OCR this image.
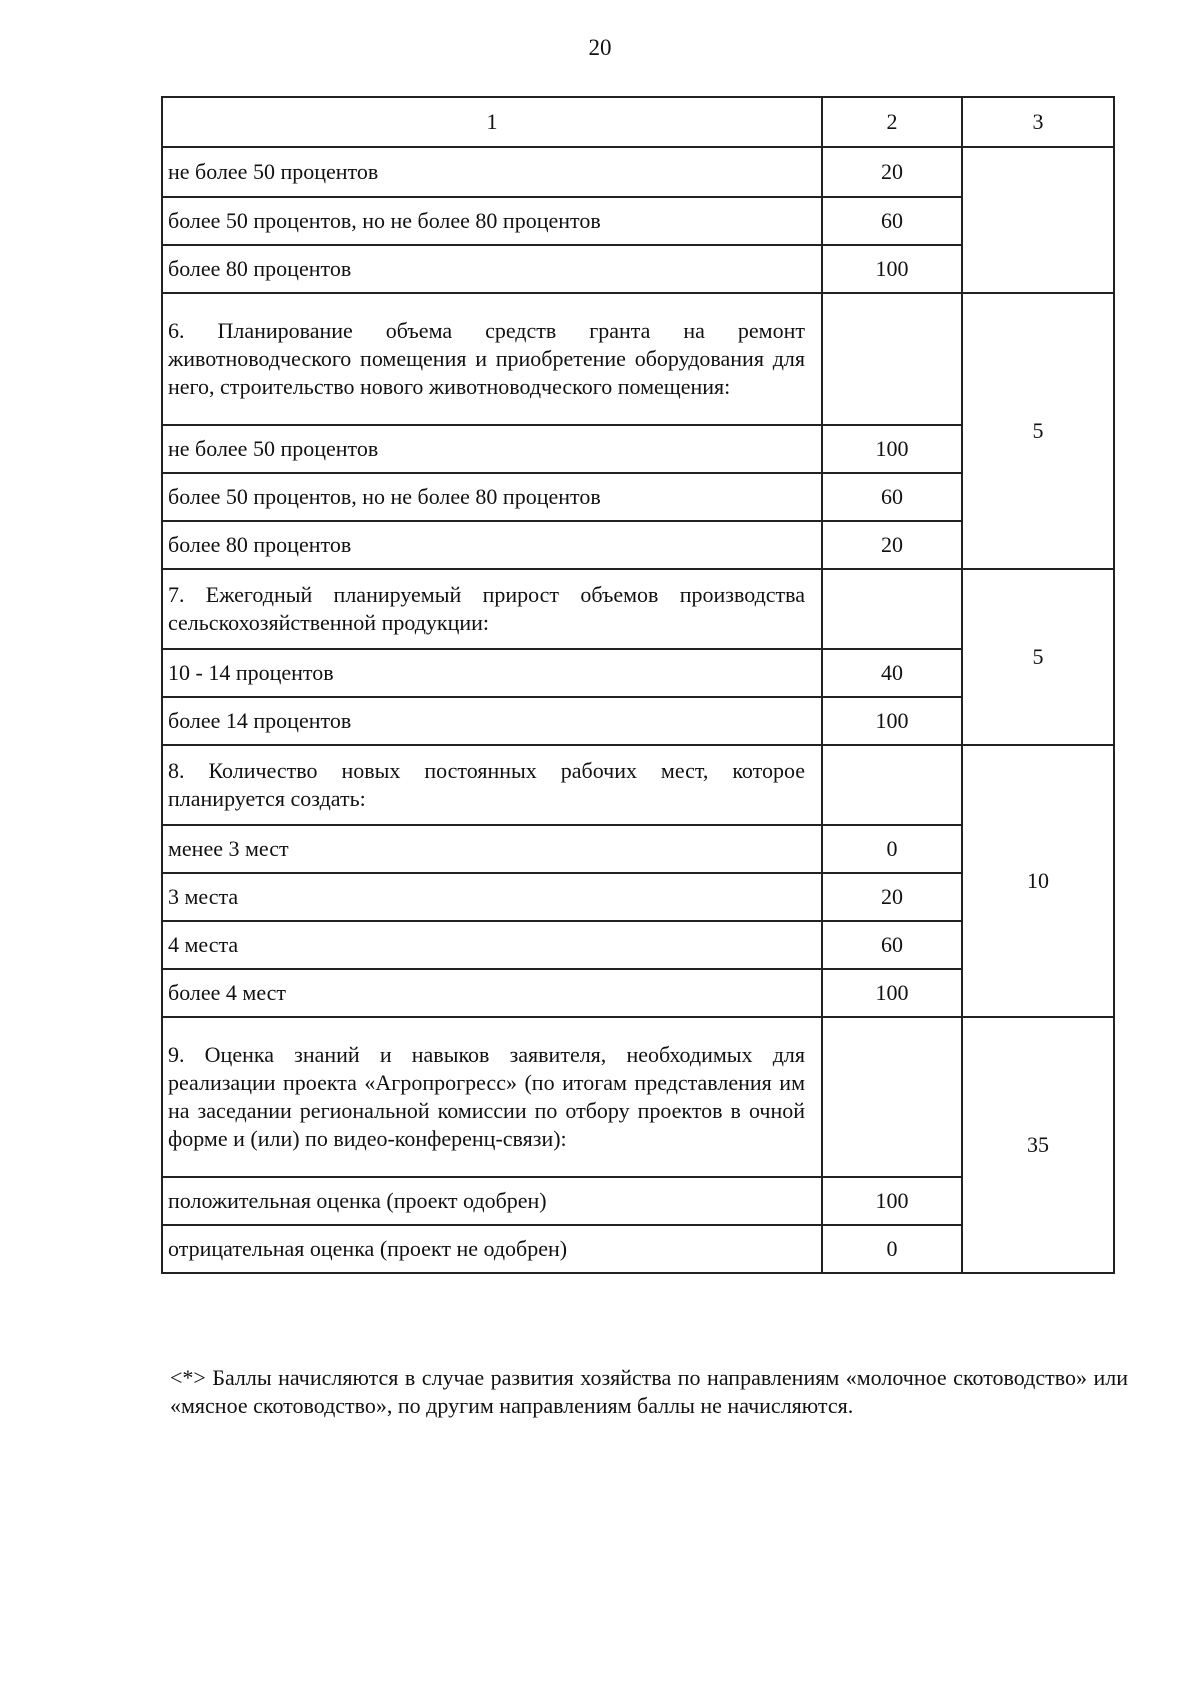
20
1	2	3
не более 50 процентов	20	
более 50 процентов, но не более 80 процентов	60	
более 80 процентов	100	
6. Планирование объема средств гранта на ремонт животноводческого помещения и приобретение оборудования для него, строительство нового животноводческого помещения:		5
не более 50 процентов	100	
более 50 процентов, но не более 80 процентов	60	
более 80 процентов	20	
7. Ежегодный планируемый прирост объемов производства сельскохозяйственной продукции:		5
10 - 14 процентов	40	
более 14 процентов	100	
8. Количество новых постоянных рабочих мест, которое планируется создать:		10
менее 3 мест	0	
3 места	20	
4 места	60	
более 4 мест	100	
9. Оценка знаний и навыков заявителя, необходимых для реализации проекта «Агропрогресс» (по итогам представления им на заседании региональной комиссии по отбору проектов в очной форме и (или) по видео-конференц-связи):		35
положительная оценка (проект одобрен)	100	
отрицательная оценка (проект не одобрен)	0	

<*> Баллы начисляются в случае развития хозяйства по направлениям «молочное скотоводство» или «мясное скотоводство», по другим направлениям баллы не начисляются.
